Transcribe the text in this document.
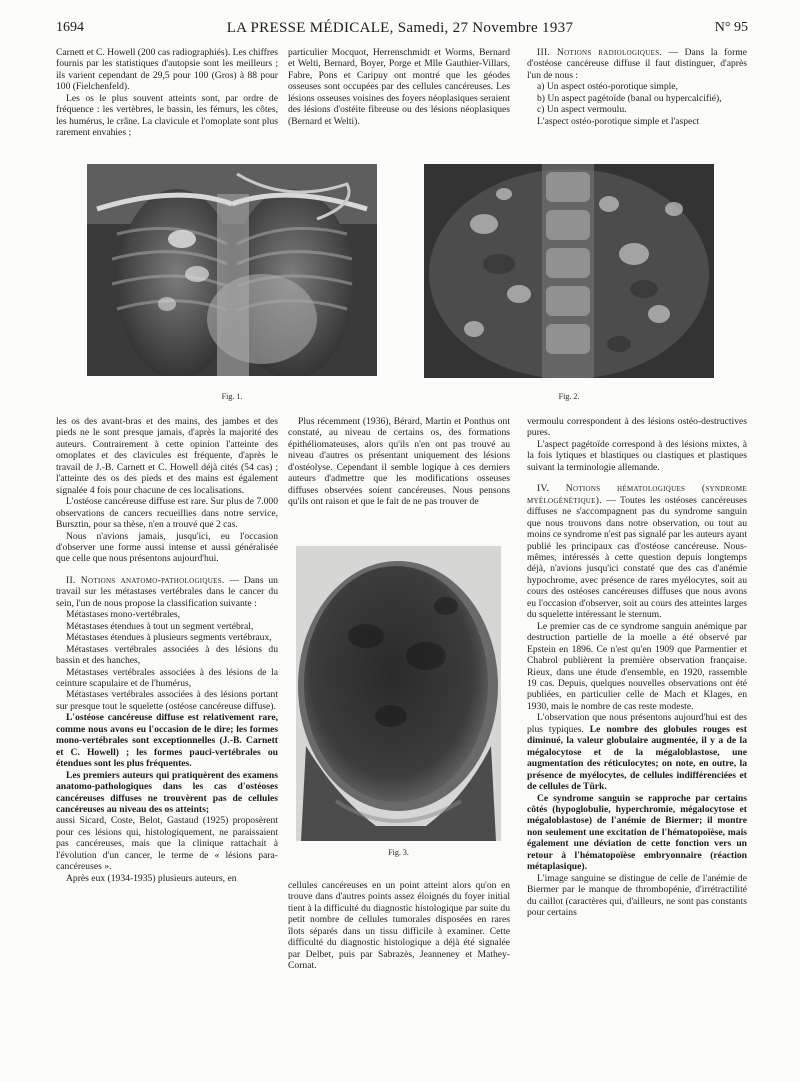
1694	LA PRESSE MÉDICALE, Samedi, 27 Novembre 1937	N° 95

Carnett et C. Howell (200 cas radiographiés). Les chiffres fournis par les statistiques d'autopsie sont les meilleurs ; ils varient cependant de 29,5 pour 100 (Gros) à 88 pour 100 (Fielchenfeld).

Les os le plus souvent atteints sont, par ordre de fréquence : les vertèbres, le bassin, les fémurs, les côtes, les humérus, le crâne. La clavicule et l'omoplate sont plus rarement envahies ;

particulier Mocquot, Herrenschmidt et Worms, Bernard et Welti, Bernard, Boyer, Porge et Mlle Gauthier-Villars, Fabre, Pons et Caripuy ont montré que les géodes osseuses sont occupées par des cellules cancéreuses. Les lésions osseuses voisines des foyers néoplasiques seraient des lésions d'ostéite fibreuse ou des lésions néoplasiques (Bernard et Welti).

III. Notions radiologiques. — Dans la forme d'ostéose cancéreuse diffuse il faut distinguer, d'après l'un de nous :

a) Un aspect ostéo-porotique simple,

b) Un aspect pagétoïde (banal ou hypercalcifié),

c) Un aspect vermoulu.

L'aspect ostéo-porotique simple et l'aspect

Fig. 1.	Fig. 2.

les os des avant-bras et des mains, des jambes et des pieds ne le sont presque jamais, d'après la majorité des auteurs. Contrairement à cette opinion l'atteinte des omoplates et des clavicules est fréquente, d'après le travail de J.-B. Carnett et C. Howell déjà cités (54 cas) ; l'atteinte des os des pieds et des mains est également signalée 4 fois pour chacune de ces localisations.

L'ostéose cancéreuse diffuse est rare. Sur plus de 7.000 observations de cancers recueillies dans notre service, Bursztin, pour sa thèse, n'en a trouvé que 2 cas.

Nous n'avions jamais, jusqu'ici, eu l'occasion d'observer une forme aussi intense et aussi généralisée que celle que nous présentons aujourd'hui.

II. Notions anatomo-pathologiques. — Dans un travail sur les métastases vertébrales dans le cancer du sein, l'un de nous propose la classification suivante :

Métastases mono-vertébrales,

Métastases étendues à tout un segment vertébral,

Métastases étendues à plusieurs segments vertébraux,

Métastases vertébrales associées à des lésions du bassin et des hanches,

Métastases vertébrales associées à des lésions de la ceinture scapulaire et de l'humérus,

Métastases vertébrales associées à des lésions portant sur presque tout le squelette (ostéose cancéreuse diffuse).

L'ostéose cancéreuse diffuse est relativement rare, comme nous avons eu l'occasion de le dire; les formes mono-vertébrales sont exceptionnelles (J.-B. Carnett et C. Howell) ; les formes pauci-vertébrales ou étendues sont les plus fréquentes.

Les premiers auteurs qui pratiquèrent des examens anatomo-pathologiques dans les cas d'ostéoses cancéreuses diffuses ne trouvèrent pas de cellules cancéreuses au niveau des os atteints;

aussi Sicard, Coste, Belot, Gastaud (1925) proposèrent pour ces lésions qui, histologiquement, ne paraissaient pas cancéreuses, mais que la clinique rattachait à l'évolution d'un cancer, le terme de « lésions para-cancéreuses ».

Après eux (1934-1935) plusieurs auteurs, en

Plus récemment (1936), Bérard, Martin et Ponthus ont constaté, au niveau de certains os, des formations épithéliomateuses, alors qu'ils n'en ont pas trouvé au niveau d'autres os présentant uniquement des lésions d'ostéolyse. Cependant il semble logique à ces derniers auteurs d'admettre que les modifications osseuses diffuses observées soient cancéreuses. Nous pensons qu'ils ont raison et que le fait de ne pas trouver de

Fig. 3.

cellules cancéreuses en un point atteint alors qu'on en trouve dans d'autres points assez éloignés du foyer initial tient à la difficulté du diagnostic histologique par suite du petit nombre de cellules tumorales disposées en rares îlots séparés dans un tissu difficile à examiner. Cette difficulté du diagnostic histologique a déjà été signalée par Delbet, puis par Sabrazès, Jeanneney et Mathey-Cornat.

vermoulu correspondent à des lésions ostéo-destructives pures.

L'aspect pagétoïde correspond à des lésions mixtes, à la fois lytiques et blastiques ou clastiques et plastiques suivant la terminologie allemande.

IV. Notions hématologiques (syndrome myélogénétique). — Toutes les ostéoses cancéreuses diffuses ne s'accompagnent pas du syndrome sanguin que nous trouvons dans notre observation, ou tout au moins ce syndrome n'est pas signalé par les auteurs ayant publié les principaux cas d'ostéose cancéreuse. Nous-mêmes, intéressés à cette question depuis longtemps déjà, n'avions jusqu'ici constaté que des cas d'anémie hypochrome, avec présence de rares myélocytes, soit au cours des ostéoses cancéreuses diffuses que nous avons eu l'occasion d'observer, soit au cours des atteintes larges du squelette intéressant le sternum.

Le premier cas de ce syndrome sanguin anémique par destruction partielle de la moelle a été observé par Epstein en 1896. Ce n'est qu'en 1909 que Parmentier et Chabrol publièrent la première observation française. Rieux, dans une étude d'ensemble, en 1920, rassemble 19 cas. Depuis, quelques nouvelles observations ont été publiées, en particulier celle de Mach et Klages, en 1930, mais le nombre de cas reste modeste.

L'observation que nous présentons aujourd'hui est des plus typiques. Le nombre des globules rouges est diminué, la valeur globulaire augmentée, il y a de la mégalocytose et de la mégaloblastose, une augmentation des réticulocytes; on note, en outre, la présence de myélocytes, de cellules indifférenciées et de cellules de Türk.

Ce syndrome sanguin se rapproche par certains côtés (hypoglobulie, hyperchromie, mégalocytose et mégaloblastose) de l'anémie de Biermer; il montre non seulement une excitation de l'hématopoïèse, mais également une déviation de cette fonction vers un retour à l'hématopoïèse embryonnaire (réaction métaplasique).

L'image sanguine se distingue de celle de l'anémie de Biermer par le manque de thrombopénie, d'irrétractilité du caillot (caractères qui, d'ailleurs, ne sont pas constants pour certains
